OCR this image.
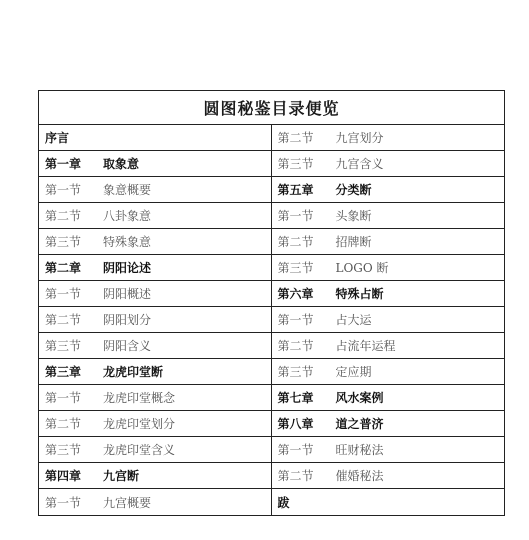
圆图秘鉴目录便览
序言
第一章	取象意
第一节	象意概要
第二节	八卦象意
第三节	特殊象意
第二章	阴阳论述
第一节	阴阳概述
第二节	阴阳划分
第三节	阴阳含义
第三章	龙虎印堂断
第一节	龙虎印堂概念
第二节	龙虎印堂划分
第三节	龙虎印堂含义
第四章	九宫断
第一节	九宫概要
第二节	九宫划分
第三节	九宫含义
第五章	分类断
第一节	头象断
第二节	招牌断
第三节	LOGO 断
第六章	特殊占断
第一节	占大运
第二节	占流年运程
第三节	定应期
第七章	风水案例
第八章	道之普济
第一节	旺财秘法
第二节	催婚秘法
跋
